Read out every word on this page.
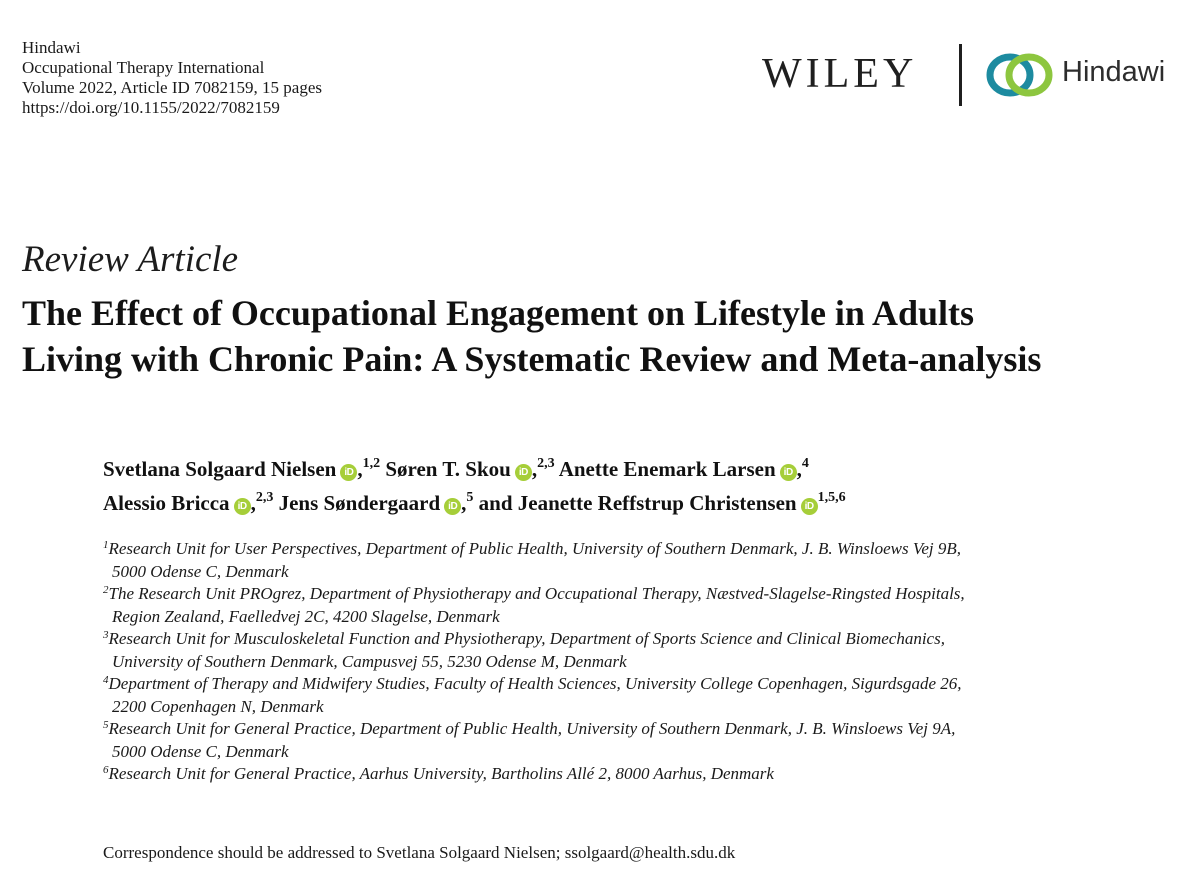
Hindawi
Occupational Therapy International
Volume 2022, Article ID 7082159, 15 pages
https://doi.org/10.1155/2022/7082159
WILEY	Hindawi
Review Article
The Effect of Occupational Engagement on Lifestyle in Adults
Living with Chronic Pain: A Systematic Review and Meta-analysis
Svetlana Solgaard Nielsen iD ,$^{1,2}$ Søren T. Skou iD ,$^{2,3}$ Anette Enemark Larsen iD ,$^4$
Alessio Bricca iD ,$^{2,3}$ Jens Søndergaard iD ,$^5$ and Jeanette Reffstrup Christensen iD$^{1,5,6}$
$^1$Research Unit for User Perspectives, Department of Public Health, University of Southern Denmark, J. B. Winsloews Vej 9B,
5000 Odense C, Denmark
$^2$The Research Unit PROgrez, Department of Physiotherapy and Occupational Therapy, Næstved-Slagelse-Ringsted Hospitals,
Region Zealand, Faelledvej 2C, 4200 Slagelse, Denmark
$^3$Research Unit for Musculoskeletal Function and Physiotherapy, Department of Sports Science and Clinical Biomechanics,
University of Southern Denmark, Campusvej 55, 5230 Odense M, Denmark
$^4$Department of Therapy and Midwifery Studies, Faculty of Health Sciences, University College Copenhagen, Sigurdsgade 26,
2200 Copenhagen N, Denmark
$^5$Research Unit for General Practice, Department of Public Health, University of Southern Denmark, J. B. Winsloews Vej 9A,
5000 Odense C, Denmark
$^6$Research Unit for General Practice, Aarhus University, Bartholins Allé 2, 8000 Aarhus, Denmark
Correspondence should be addressed to Svetlana Solgaard Nielsen; ssolgaard@health.sdu.dk
